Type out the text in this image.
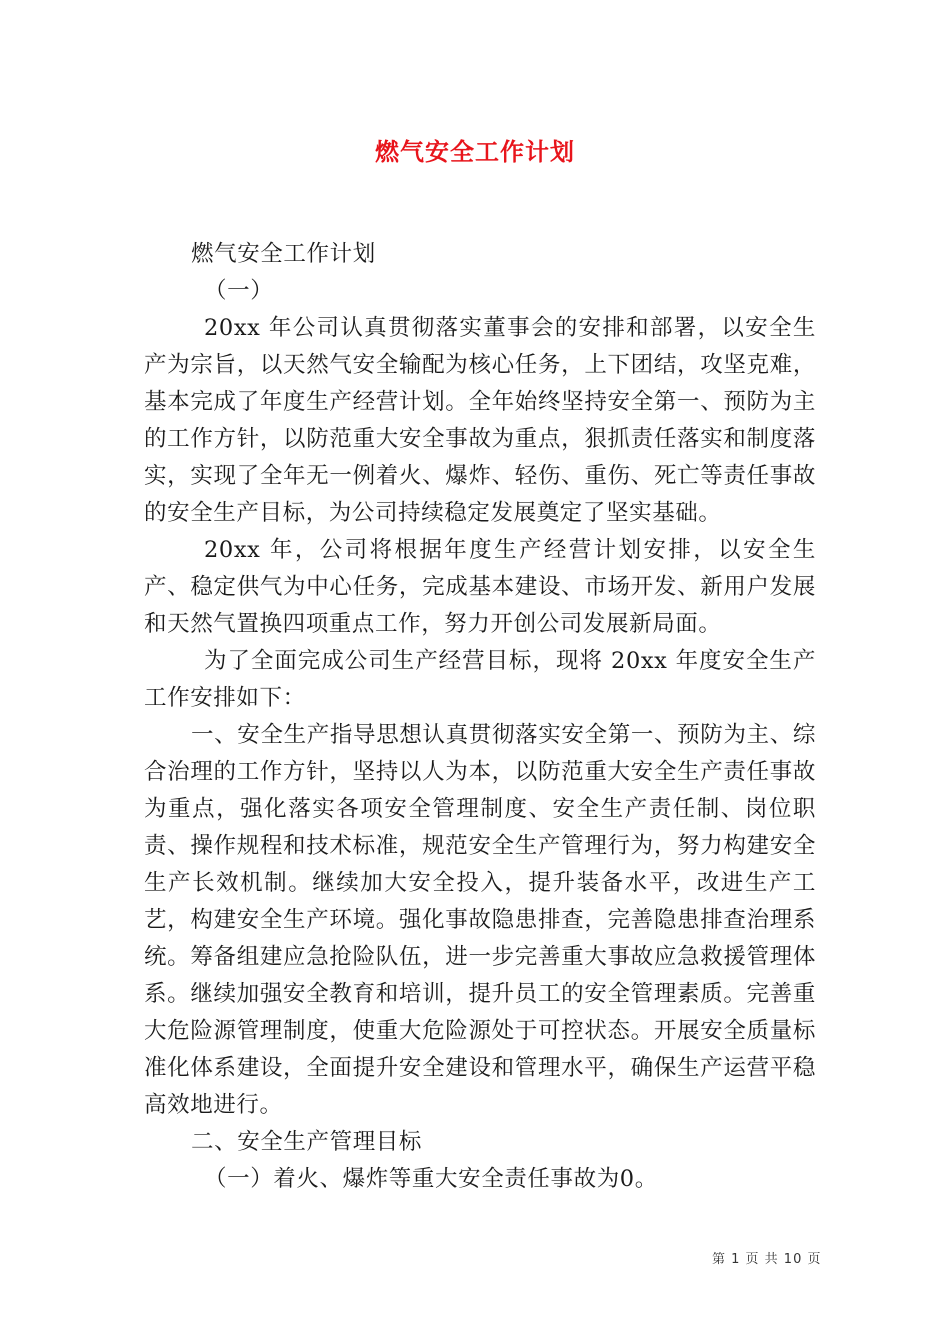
燃气安全工作计划

燃气安全工作计划

（一）

20xx 年公司认真贯彻落实董事会的安排和部署，以安全生产为宗旨，以天然气安全输配为核心任务，上下团结，攻坚克难，基本完成了年度生产经营计划。全年始终坚持安全第一、预防为主的工作方针，以防范重大安全事故为重点，狠抓责任落实和制度落实，实现了全年无一例着火、爆炸、轻伤、重伤、死亡等责任事故的安全生产目标，为公司持续稳定发展奠定了坚实基础。

20xx 年，公司将根据年度生产经营计划安排，以安全生产、稳定供气为中心任务，完成基本建设、市场开发、新用户发展和天然气置换四项重点工作，努力开创公司发展新局面。

为了全面完成公司生产经营目标，现将 20xx 年度安全生产工作安排如下：

一、安全生产指导思想认真贯彻落实安全第一、预防为主、综合治理的工作方针，坚持以人为本，以防范重大安全生产责任事故为重点，强化落实各项安全管理制度、安全生产责任制、岗位职责、操作规程和技术标准，规范安全生产管理行为，努力构建安全生产长效机制。继续加大安全投入，提升装备水平，改进生产工艺，构建安全生产环境。强化事故隐患排查，完善隐患排查治理系统。筹备组建应急抢险队伍，进一步完善重大事故应急救援管理体系。继续加强安全教育和培训，提升员工的安全管理素质。完善重大危险源管理制度，使重大危险源处于可控状态。开展安全质量标准化体系建设，全面提升安全建设和管理水平，确保生产运营平稳高效地进行。

二、安全生产管理目标

（一）着火、爆炸等重大安全责任事故为0。

第 1 页 共 10 页
